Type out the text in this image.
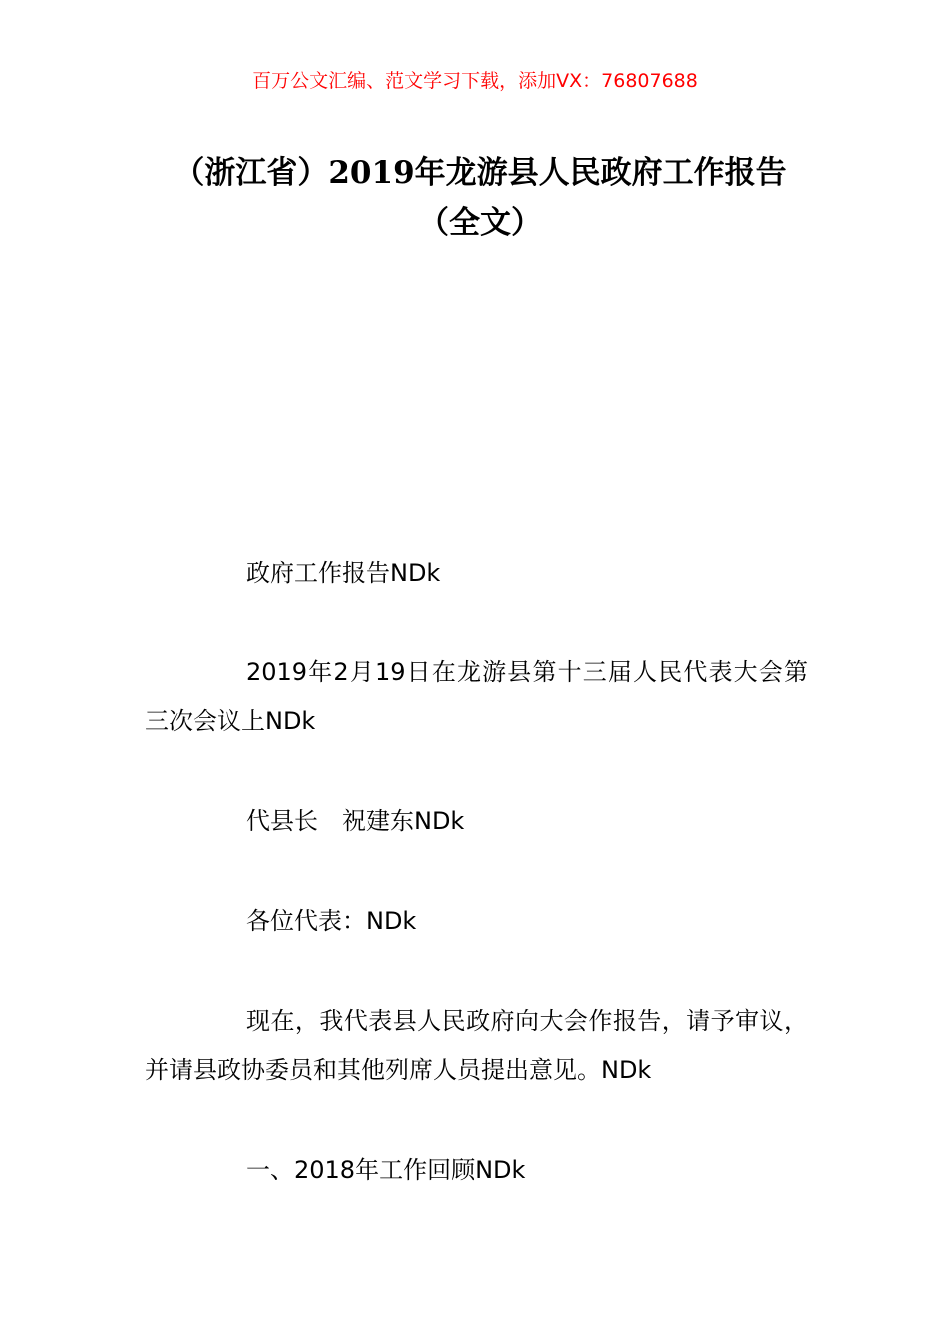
百万公文汇编、范文学习下载，添加VX：76807688
（浙江省）2019年龙游县人民政府工作报告（全文）

政府工作报告NDk

2019年2月19日在龙游县第十三届人民代表大会第三次会议上NDk

代县长　祝建东NDk

各位代表：NDk

现在，我代表县人民政府向大会作报告，请予审议，并请县政协委员和其他列席人员提出意见。NDk

一、2018年工作回顾NDk
